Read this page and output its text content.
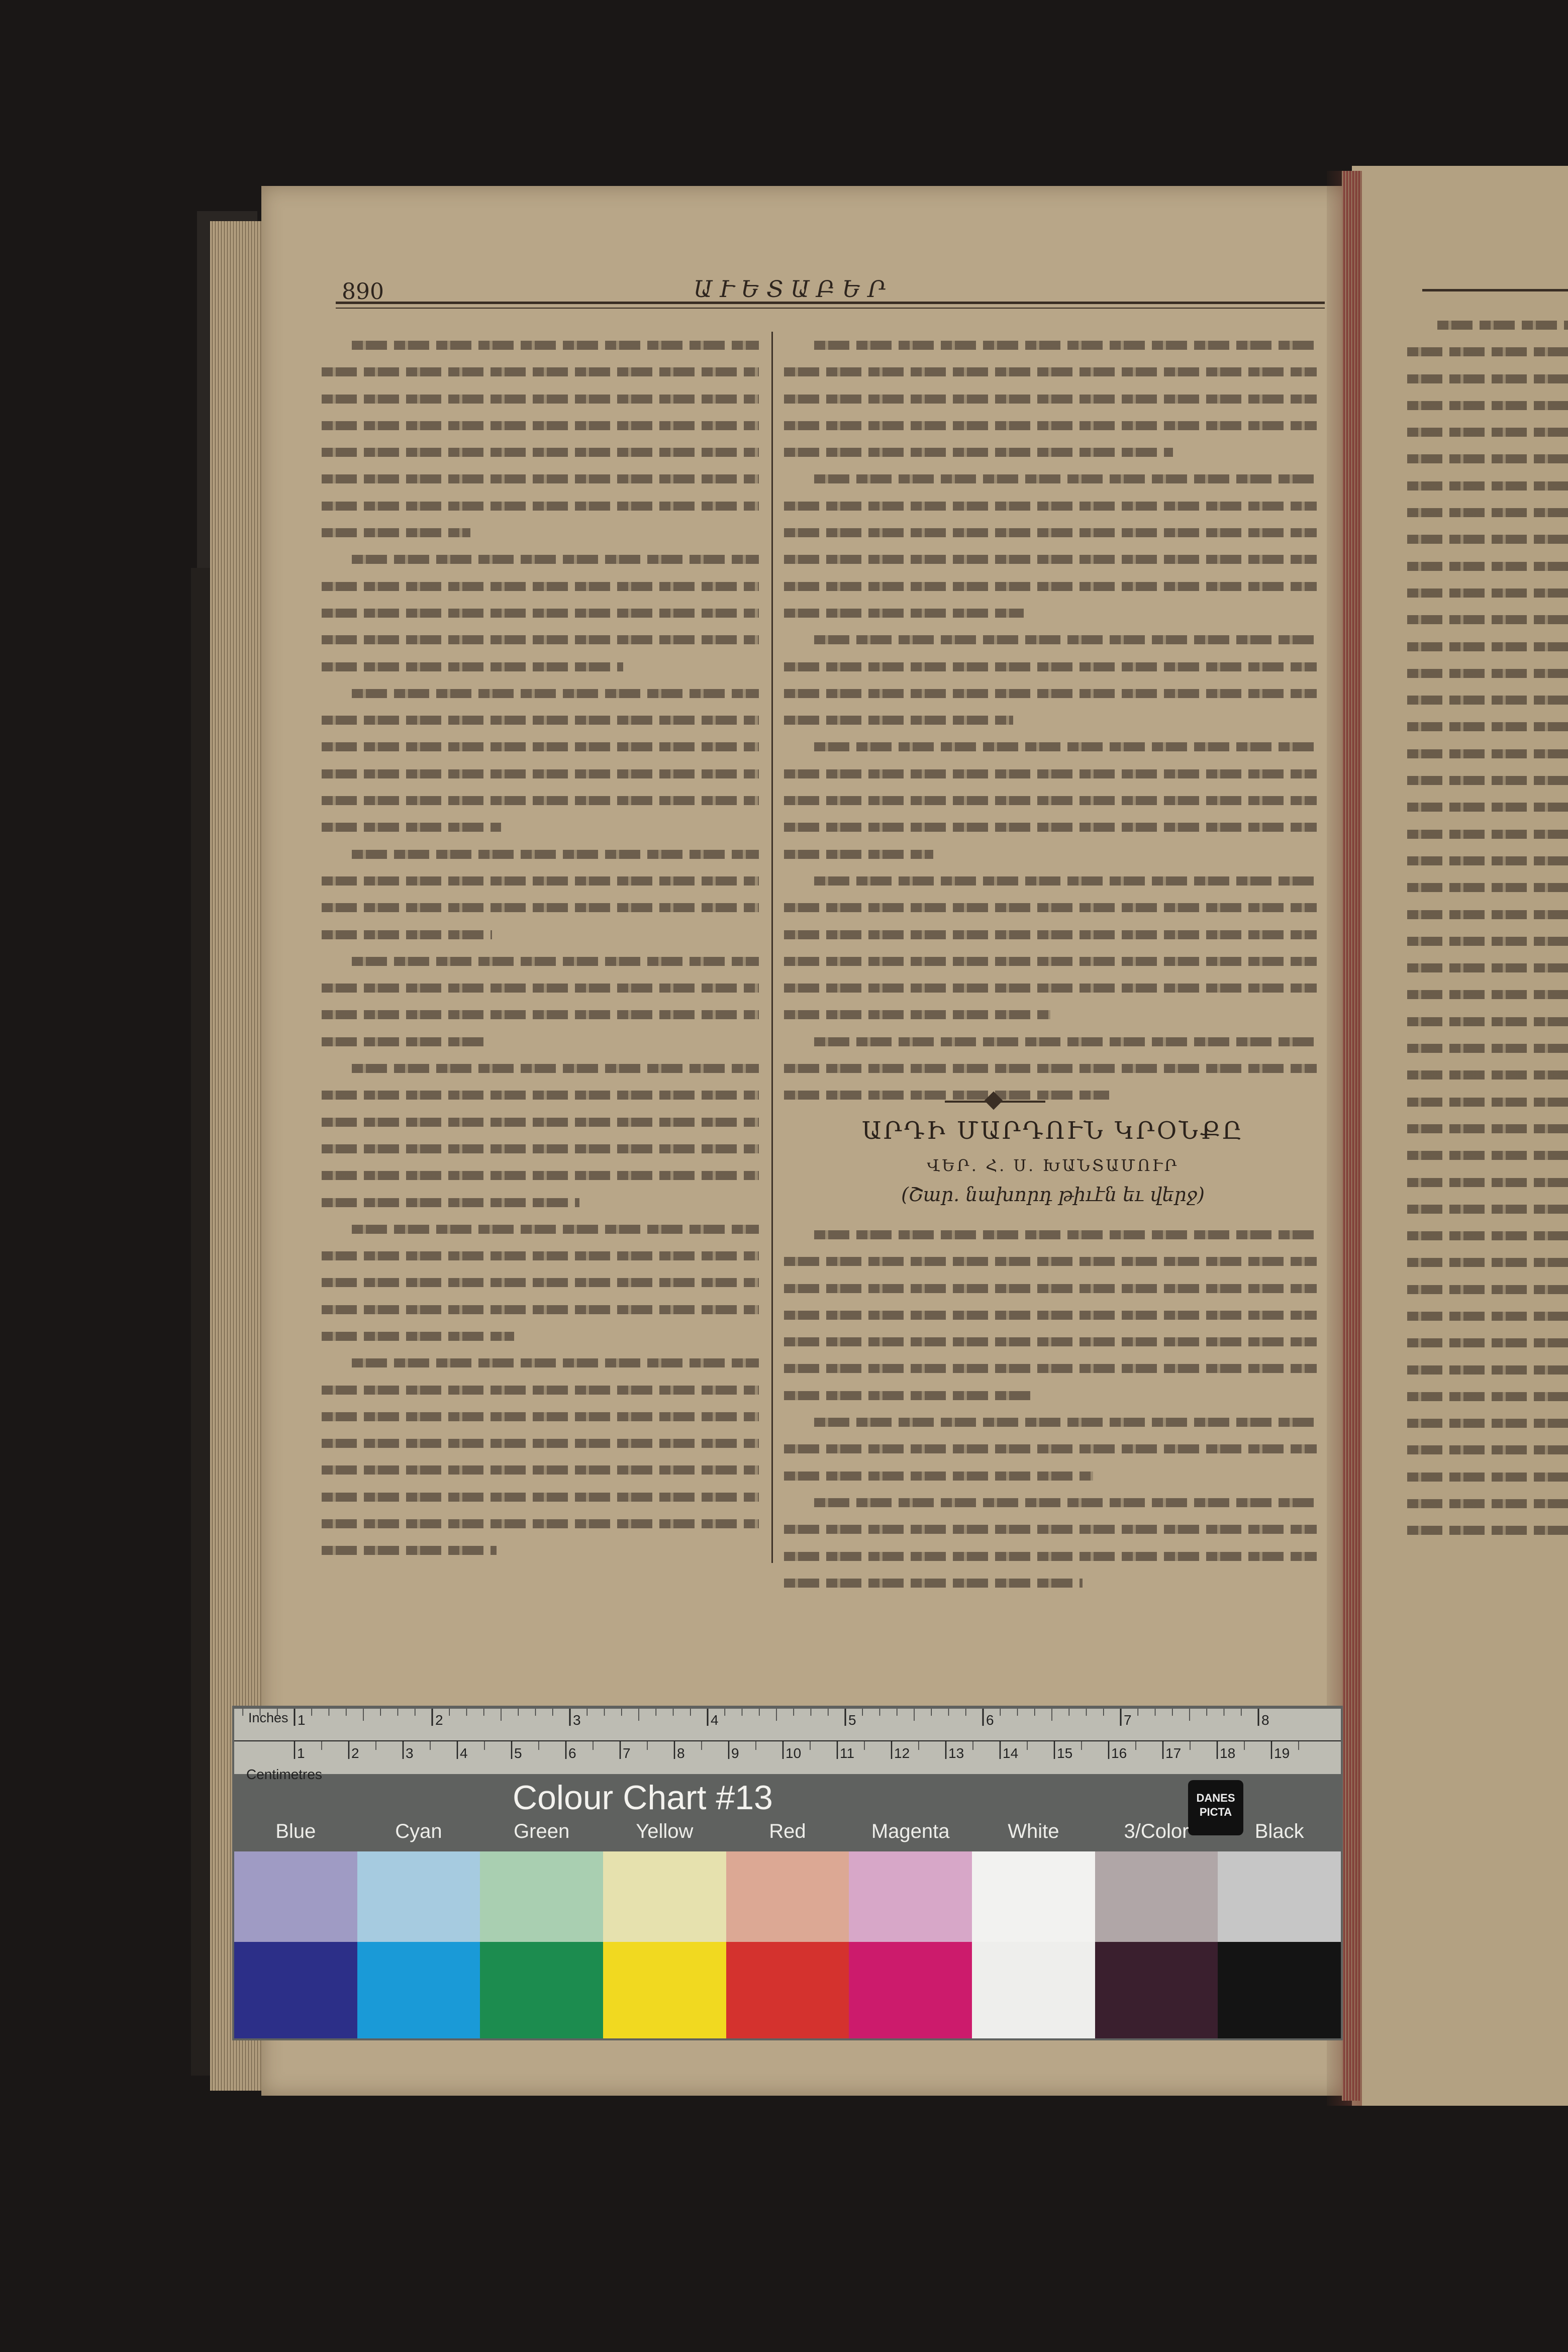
890	ԱՒԵՏԱԲԵՐ
ԱՐԴԻ ՄԱՐԴՈՒՆ ԿՐՕՆՔԸ
ՎԵՐ. Հ. Ս. ԽԱՆՏԱՄՈՒՐ
(Շար. նախորդ թիւէն եւ վերջ)
1	2	3	4	5	6	7	8
1	2	3	4	5	6	7	8	9	10	11	12	13	14	15	16	17	18	19
Inches
Centimetres
Colour Chart #13	DANES PICTA
Blue	Cyan	Green	Yellow	Red	Magenta	White	3/Color	Black
